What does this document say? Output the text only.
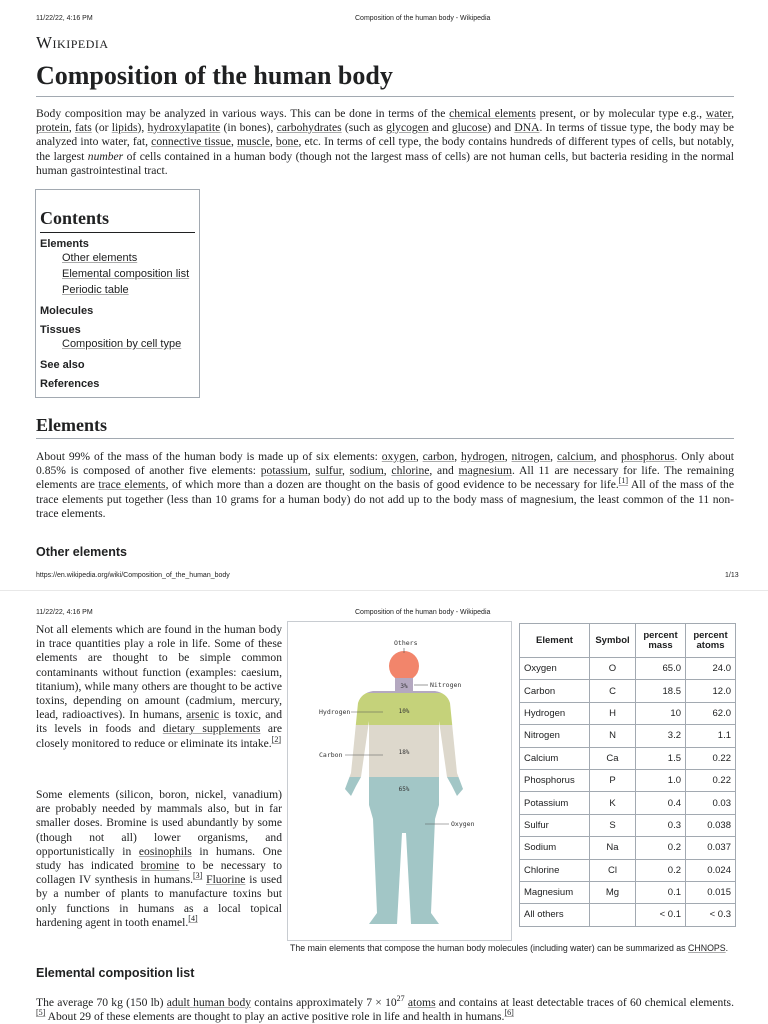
11/22/22, 4:16 PM	Composition of the human body - Wikipedia
Wikipedia
Composition of the human body

Body composition may be analyzed in various ways. This can be done in terms of the chemical elements present, or by molecular type e.g., water, protein, fats (or lipids), hydroxylapatite (in bones), carbohydrates (such as glycogen and glucose) and DNA. In terms of tissue type, the body may be analyzed into water, fat, connective tissue, muscle, bone, etc. In terms of cell type, the body contains hundreds of different types of cells, but notably, the largest number of cells contained in a human body (though not the largest mass of cells) are not human cells, but bacteria residing in the normal human gastrointestinal tract.

Contents
Elements
Other elements
Elemental composition list
Periodic table
Molecules
Tissues
Composition by cell type
See also
References
Elements

About 99% of the mass of the human body is made up of six elements: oxygen, carbon, hydrogen, nitrogen, calcium, and phosphorus. Only about 0.85% is composed of another five elements: potassium, sulfur, sodium, chlorine, and magnesium. All 11 are necessary for life. The remaining elements are trace elements, of which more than a dozen are thought on the basis of good evidence to be necessary for life.[1] All of the mass of the trace elements put together (less than 10 grams for a human body) do not add up to the body mass of magnesium, the least common of the 11 non-trace elements.

Other elements
https://en.wikipedia.org/wiki/Composition_of_the_human_body	1/13
11/22/22, 4:16 PM	Composition of the human body - Wikipedia

Not all elements which are found in the human body in trace quantities play a role in life. Some of these elements are thought to be simple common contaminants without function (examples: caesium, titanium), while many others are thought to be active toxins, depending on amount (cadmium, mercury, lead, radioactives). In humans, arsenic is toxic, and its levels in foods and dietary supplements are closely monitored to reduce or eliminate its intake.[2]

Some elements (silicon, boron, nickel, vanadium) are probably needed by mammals also, but in far smaller doses. Bromine is used abundantly by some (though not all) lower organisms, and opportunistically in eosinophils in humans. One study has indicated bromine to be necessary to collagen IV synthesis in humans.[3] Fluorine is used by a number of plants to manufacture toxins but only functions in humans as a local topical hardening agent in tooth enamel.[4]

Others
Nitrogen
Hydrogen
Carbon
Oxygen
3%
10%
18%
65%
Element	Symbol	percent mass	percent atoms
Oxygen	O	65.0	24.0
Carbon	C	18.5	12.0
Hydrogen	H	10	62.0
Nitrogen	N	3.2	1.1
Calcium	Ca	1.5	0.22
Phosphorus	P	1.0	0.22
Potassium	K	0.4	0.03
Sulfur	S	0.3	0.038
Sodium	Na	0.2	0.037
Chlorine	Cl	0.2	0.024
Magnesium	Mg	0.1	0.015
All others		< 0.1	< 0.3
The main elements that compose the human body molecules (including water) can be summarized as CHNOPS.
Elemental composition list

The average 70 kg (150 lb) adult human body contains approximately $7 \times 10^{27}$ atoms and contains at least detectable traces of 60 chemical elements.[5] About 29 of these elements are thought to play an active positive role in life and health in humans.[6]
